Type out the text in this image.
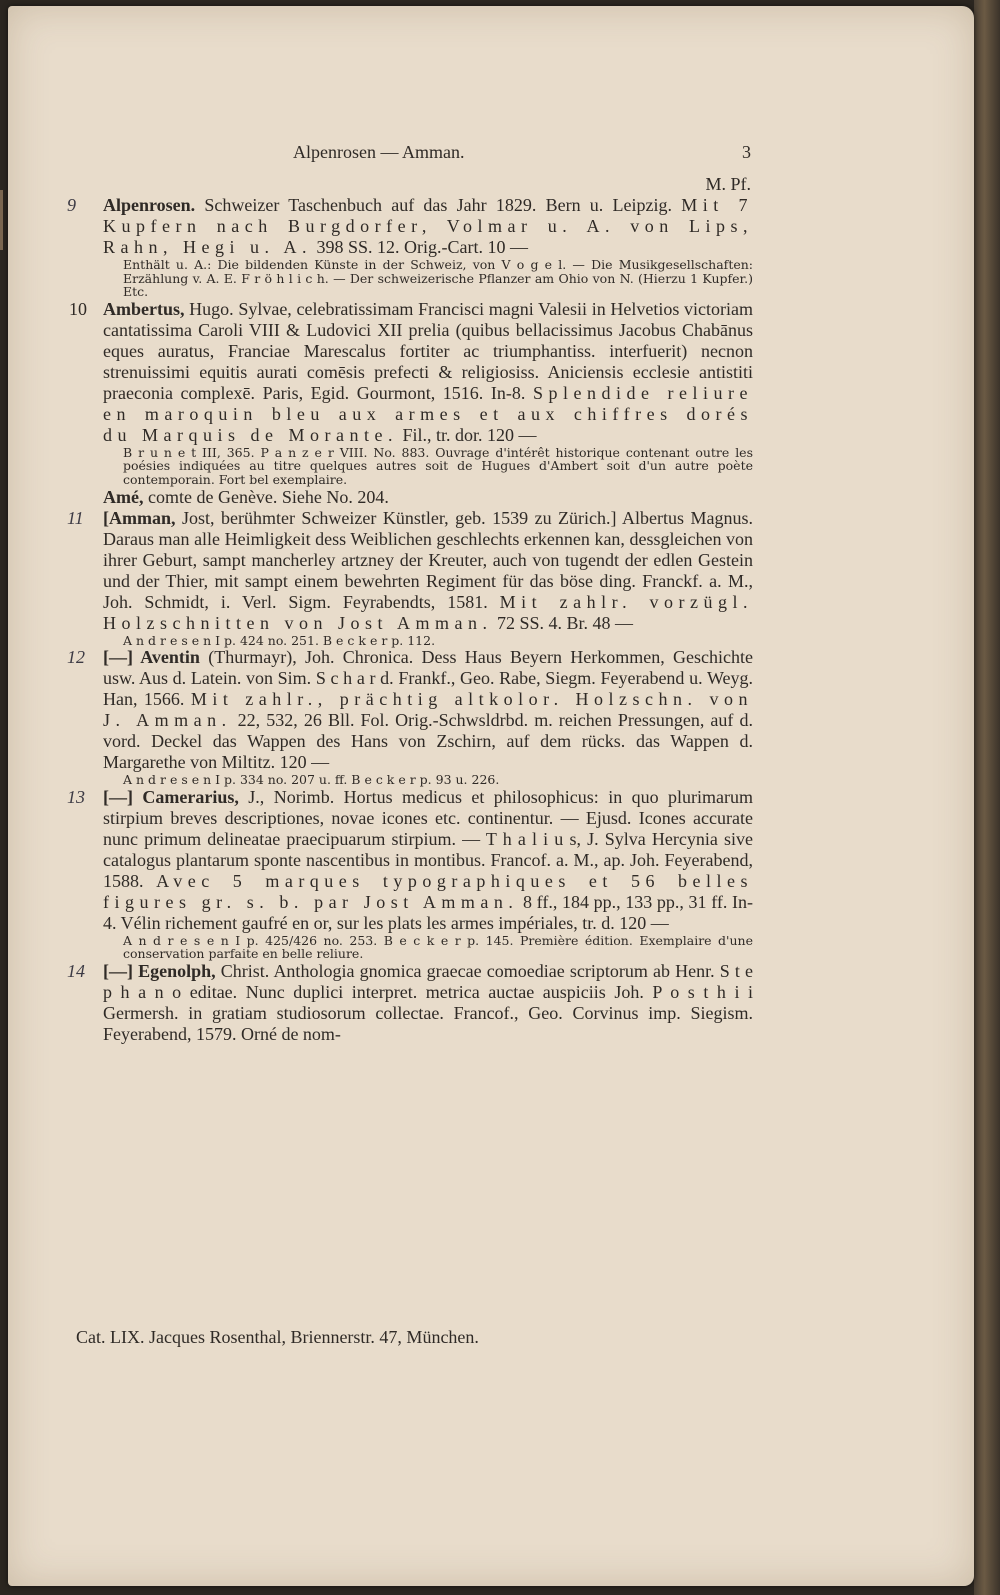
Alpenrosen — Amman.	3
M. Pf.

9 Alpenrosen. Schweizer Taschenbuch auf das Jahr 1829. Bern u. Leipzig. Mit 7 Kupfern nach Burgdorfer, Volmar u. A. von Lips, Rahn, Hegi u. A. 398 SS. 12. Orig.-Cart. 10 —

Enthält u. A.: Die bildenden Künste in der Schweiz, von V o g e l. — Die Musikgesellschaften: Erzählung v. A. E. F r ö h l i c h. — Der schweizerische Pflanzer am Ohio von N. (Hierzu 1 Kupfer.) Etc.

10 Ambertus, Hugo. Sylvae, celebratissimam Francisci magni Valesii in Helvetios victoriam cantatissima Caroli VIII & Ludovici XII prelia (quibus bellacissimus Jacobus Chabānus eques auratus, Franciae Marescalus fortiter ac triumphantiss. interfuerit) necnon strenuissimi equitis aurati comēsis prefecti & religiosiss. Aniciensis ecclesie antistiti praeconia complexē. Paris, Egid. Gourmont, 1516. In-8. Splendide reliure en maroquin bleu aux armes et aux chiffres dorés du Marquis de Morante. Fil., tr. dor. 120 —

B r u n e t III, 365. P a n z e r VIII. No. 883. Ouvrage d'intérêt historique contenant outre les poésies indiquées au titre quelques autres soit de Hugues d'Ambert soit d'un autre poète contemporain. Fort bel exemplaire.

Amé, comte de Genève. Siehe No. 204.

11 [Amman, Jost, berühmter Schweizer Künstler, geb. 1539 zu Zürich.] Albertus Magnus. Daraus man alle Heimligkeit dess Weiblichen geschlechts erkennen kan, dessgleichen von ihrer Geburt, sampt mancherley artzney der Kreuter, auch von tugendt der edlen Gestein und der Thier, mit sampt einem bewehrten Regiment für das böse ding. Franckf. a. M., Joh. Schmidt, i. Verl. Sigm. Feyrabendts, 1581. Mit zahlr. vorzügl. Holzschnitten von Jost Amman. 72 SS. 4. Br. 48 —

A n d r e s e n I p. 424 no. 251. B e c k e r p. 112.

12 [—] Aventin (Thurmayr), Joh. Chronica. Dess Haus Beyern Herkommen, Geschichte usw. Aus d. Latein. von Sim. S c h a r d. Frankf., Geo. Rabe, Siegm. Feyerabend u. Weyg. Han, 1566. Mit zahlr., prächtig altkolor. Holzschn. von J. Amman. 22, 532, 26 Bll. Fol. Orig.-Schwsldrbd. m. reichen Pressungen, auf d. vord. Deckel das Wappen des Hans von Zschirn, auf dem rücks. das Wappen d. Margarethe von Miltitz. 120 —

A n d r e s e n I p. 334 no. 207 u. ff. B e c k e r p. 93 u. 226.

13 [—] Camerarius, J., Norimb. Hortus medicus et philosophicus: in quo plurimarum stirpium breves descriptiones, novae icones etc. continentur. — Ejusd. Icones accurate nunc primum delineatae praecipuarum stirpium. — T h a l i u s, J. Sylva Hercynia sive catalogus plantarum sponte nascentibus in montibus. Francof. a. M., ap. Joh. Feyerabend, 1588. Avec 5 marques typographiques et 56 belles figures gr. s. b. par Jost Amman. 8 ff., 184 pp., 133 pp., 31 ff. In-4. Vélin richement gaufré en or, sur les plats les armes impériales, tr. d. 120 —

A n d r e s e n I p. 425/426 no. 253. B e c k e r p. 145. Première édition. Exemplaire d'une conservation parfaite en belle reliure.

14 [—] Egenolph, Christ. Anthologia gnomica graecae comoediae scriptorum ab Henr. S t e p h a n o editae. Nunc duplici interpret. metrica auctae auspiciis Joh. P o s t h i i Germersh. in gratiam studiosorum collectae. Francof., Geo. Corvinus imp. Siegism. Feyerabend, 1579. Orné de nom-

Cat. LIX. Jacques Rosenthal, Briennerstr. 47, München.
